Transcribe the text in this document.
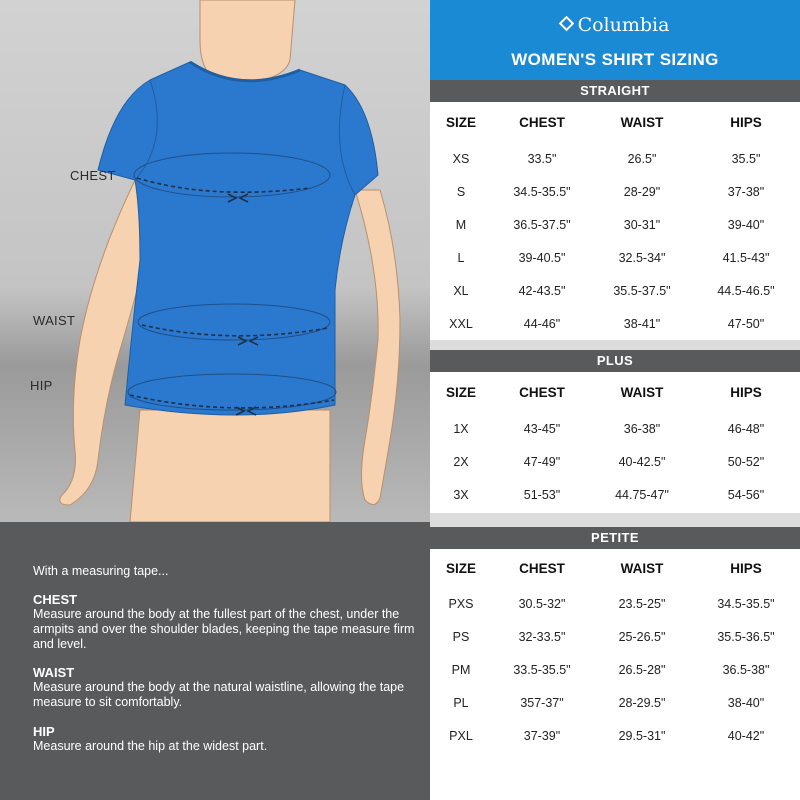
CHEST
WAIST
HIP
With a measuring tape...
CHEST
Measure around the body at the fullest part of the chest, under the armpits and over the shoulder blades, keeping the tape measure firm and level.
WAIST
Measure around the body at the natural waistline, allowing the tape measure to sit comfortably.
HIP
Measure around the hip at the widest part.
Columbia
WOMEN'S SHIRT SIZING
STRAIGHT
SIZE	CHEST	WAIST	HIPS
XS	33.5"	26.5"	35.5"
S	34.5-35.5"	28-29"	37-38"
M	36.5-37.5"	30-31"	39-40"
L	39-40.5"	32.5-34"	41.5-43"
XL	42-43.5"	35.5-37.5"	44.5-46.5"
XXL	44-46"	38-41"	47-50"
PLUS
SIZE	CHEST	WAIST	HIPS
1X	43-45"	36-38"	46-48"
2X	47-49"	40-42.5"	50-52"
3X	51-53"	44.75-47"	54-56"
PETITE
SIZE	CHEST	WAIST	HIPS
PXS	30.5-32"	23.5-25"	34.5-35.5"
PS	32-33.5"	25-26.5"	35.5-36.5"
PM	33.5-35.5"	26.5-28"	36.5-38"
PL	357-37"	28-29.5"	38-40"
PXL	37-39"	29.5-31"	40-42"
